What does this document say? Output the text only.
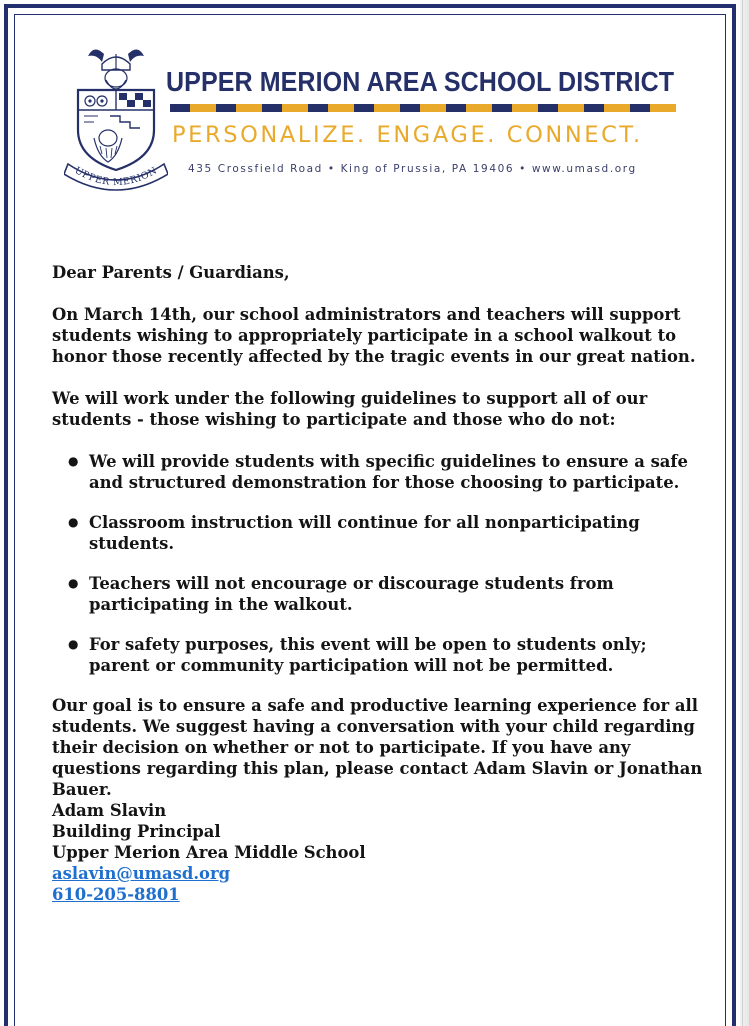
UPPER MERION
UPPER MERION AREA SCHOOL DISTRICT
PERSONALIZE. ENGAGE. CONNECT.
435 Crossfield Road • King of Prussia, PA 19406 • www.umasd.org

Dear Parents / Guardians,

On March 14th, our school administrators and teachers will support students wishing to appropriately participate in a school walkout to honor those recently affected by the tragic events in our great nation.

We will work under the following guidelines to support all of our students - those wishing to participate and those who do not:

● We will provide students with specific guidelines to ensure a safe and structured demonstration for those choosing to participate.
● Classroom instruction will continue for all nonparticipating students.
● Teachers will not encourage or discourage students from participating in the walkout.
● For safety purposes, this event will be open to students only; parent or community participation will not be permitted.

Our goal is to ensure a safe and productive learning experience for all students. We suggest having a conversation with your child regarding their decision on whether or not to participate. If you have any questions regarding this plan, please contact Adam Slavin or Jonathan Bauer.

Adam Slavin

Building Principal

Upper Merion Area Middle School

aslavin@umasd.org

610-205-8801
